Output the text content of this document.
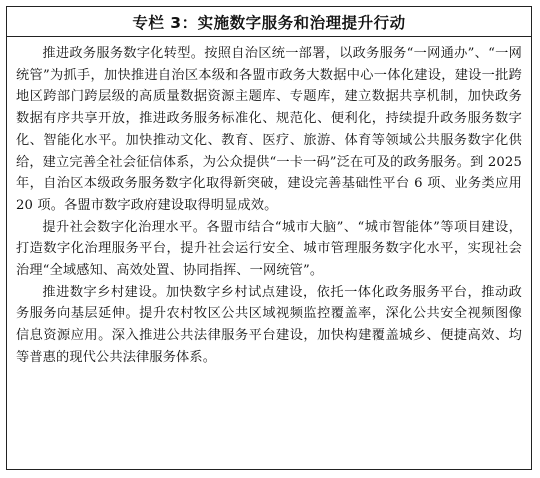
专栏 3：实施数字服务和治理提升行动

推进政务服务数字化转型。按照自治区统一部署，以政务服务“一网通办”、“一网统管”为抓手，加快推进自治区本级和各盟市政务大数据中心一体化建设，建设一批跨地区跨部门跨层级的高质量数据资源主题库、专题库，建立数据共享机制，加快政务数据有序共享开放，推进政务服务标准化、规范化、便利化，持续提升政务服务数字化、智能化水平。加快推动文化、教育、医疗、旅游、体育等领域公共服务数字化供给，建立完善全社会征信体系，为公众提供“一卡一码”泛在可及的政务服务。到 2025 年，自治区本级政务服务数字化取得新突破，建设完善基础性平台 6 项、业务类应用 20 项。各盟市数字政府建设取得明显成效。

提升社会数字化治理水平。各盟市结合“城市大脑”、“城市智能体”等项目建设，打造数字化治理服务平台，提升社会运行安全、城市管理服务数字化水平，实现社会治理“全域感知、高效处置、协同指挥、一网统管”。

推进数字乡村建设。加快数字乡村试点建设，依托一体化政务服务平台，推动政务服务向基层延伸。提升农村牧区公共区域视频监控覆盖率，深化公共安全视频图像信息资源应用。深入推进公共法律服务平台建设，加快构建覆盖城乡、便捷高效、均等普惠的现代公共法律服务体系。
